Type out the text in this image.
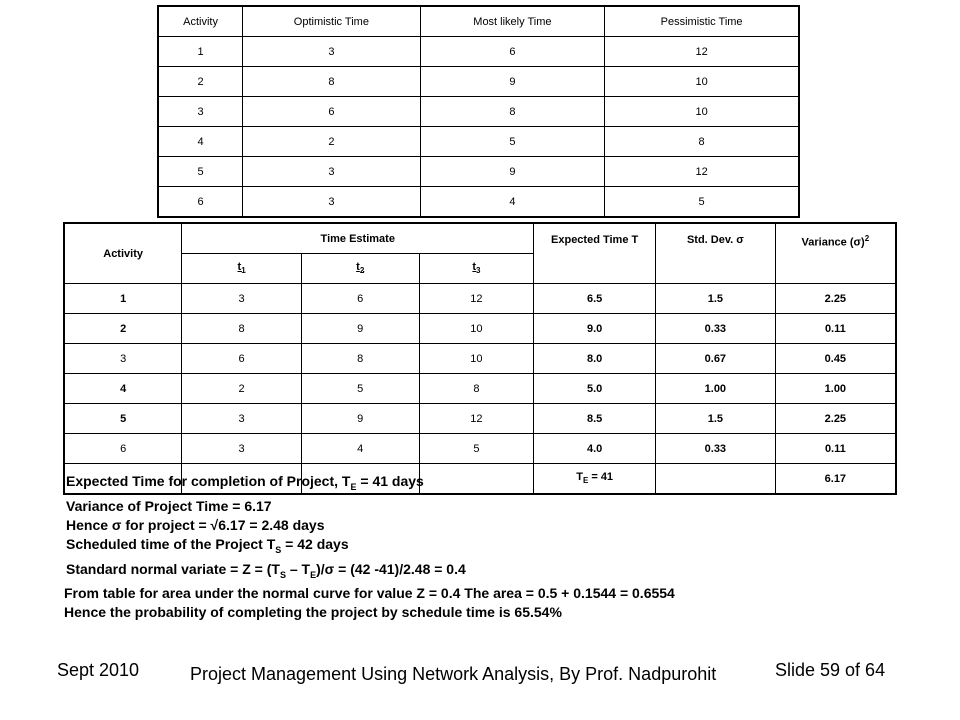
Activity	Optimistic Time	Most likely Time	Pessimistic Time
1	3	6	12
2	8	9	10
3	6	8	10
4	2	5	8
5	3	9	12
6	3	4	5
Activity	Time Estimate			Expected Time T	Std. Dev. σ	Variance $(\sigma)^2$
	$t_1$	$t_2$	$t_3$
1	3	6	12	6.5	1.5	2.25
2	8	9	10	9.0	0.33	0.11
3	6	8	10	8.0	0.67	0.45
4	2	5	8	5.0	1.00	1.00
5	3	9	12	8.5	1.5	2.25
6	3	4	5	4.0	0.33	0.11
				$T_E = 41$		6.17
Expected Time for completion of Project, $T_E = 41$ days
Variance of Project Time = 6.17
Hence σ for project = √6.17 = 2.48 days
Scheduled time of the Project $T_S = 42$ days
Standard normal variate = $Z = (T_S - T_E)/\sigma = (42$ -41)/2.48 = 0.4
From table for area under the normal curve for value Z = 0.4 The area = 0.5 + 0.1544 = 0.6554
Hence the probability of completing the project by schedule time is 65.54%
Sept 2010	Project Management Using Network Analysis, By Prof. Nadpurohit	Slide 59 of 64
